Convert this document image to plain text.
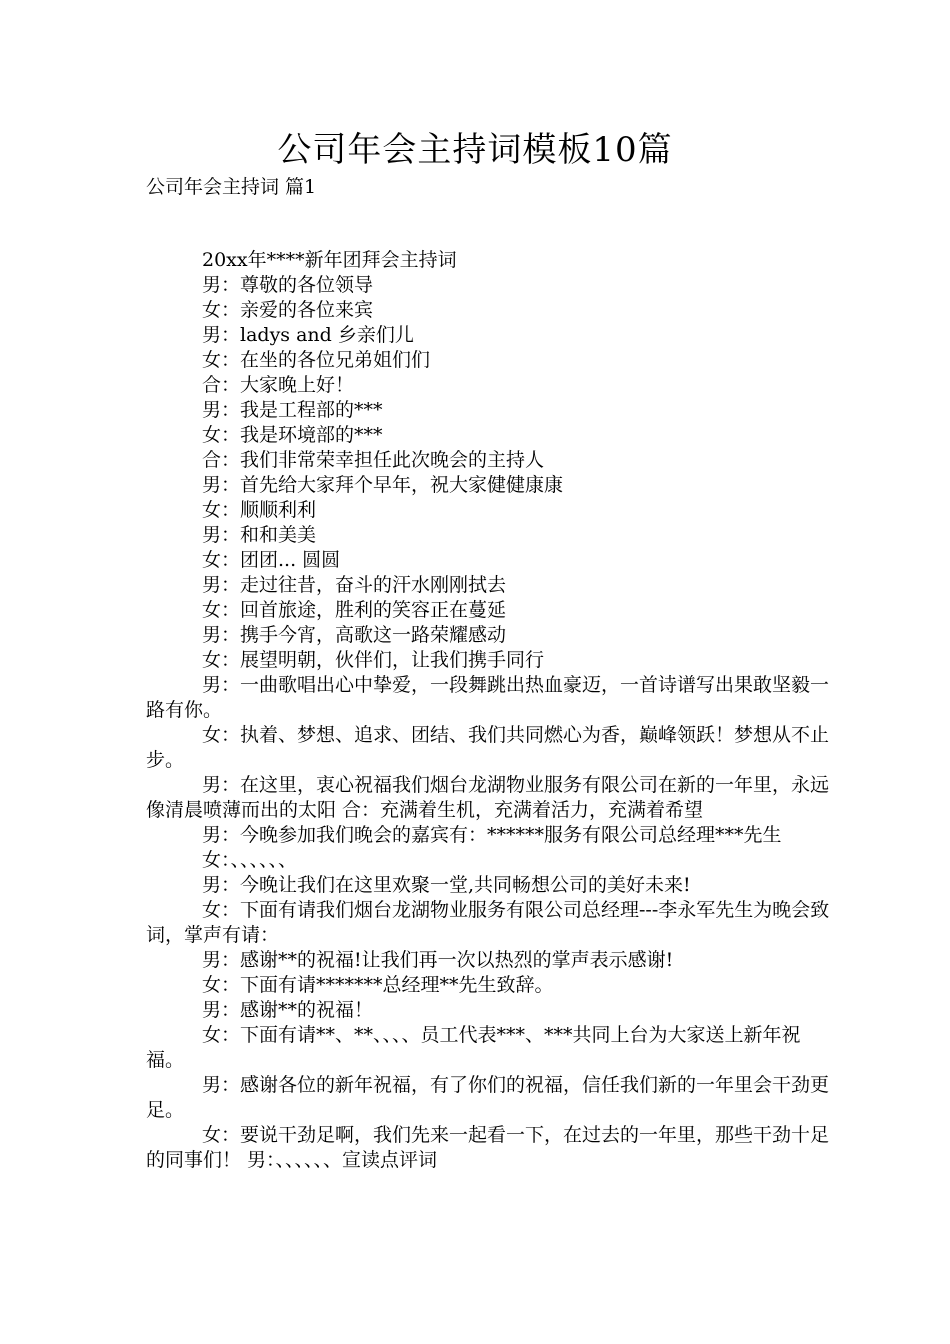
公司年会主持词模板10篇
公司年会主持词 篇1

20xx年****新年团拜会主持词

男：尊敬的各位领导

女：亲爱的各位来宾

男：ladys and 乡亲们儿

女：在坐的各位兄弟姐们们

合：大家晚上好！

男：我是工程部的***

女：我是环境部的***

合：我们非常荣幸担任此次晚会的主持人

男：首先给大家拜个早年，祝大家健健康康

女：顺顺利利

男：和和美美

女：团团... 圆圆

男：走过往昔，奋斗的汗水刚刚拭去

女：回首旅途，胜利的笑容正在蔓延

男：携手今宵，高歌这一路荣耀感动

女：展望明朝，伙伴们，让我们携手同行

男：一曲歌唱出心中挚爱，一段舞跳出热血豪迈，一首诗谱写出果敢坚毅一路有你。

女：执着、梦想、追求、团结、我们共同燃心为香，巅峰领跃！梦想从不止步。

男：在这里，衷心祝福我们烟台龙湖物业服务有限公司在新的一年里，永远像清晨喷薄而出的太阳 合：充满着生机，充满着活力，充满着希望

男：今晚参加我们晚会的嘉宾有：******服务有限公司总经理***先生

女：、、、、、、

男：今晚让我们在这里欢聚一堂,共同畅想公司的美好未来!

女：下面有请我们烟台龙湖物业服务有限公司总经理---李永军先生为晚会致词，掌声有请：

男：感谢**的祝福!让我们再一次以热烈的掌声表示感谢!

女：下面有请*******总经理**先生致辞。

男：感谢**的祝福！

女：下面有请**、**、、、、员工代表***、***共同上台为大家送上新年祝福。

男：感谢各位的新年祝福，有了你们的祝福，信任我们新的一年里会干劲更足。

女：要说干劲足啊，我们先来一起看一下，在过去的一年里，那些干劲十足的同事们！ 男：、、、、、、宣读点评词
